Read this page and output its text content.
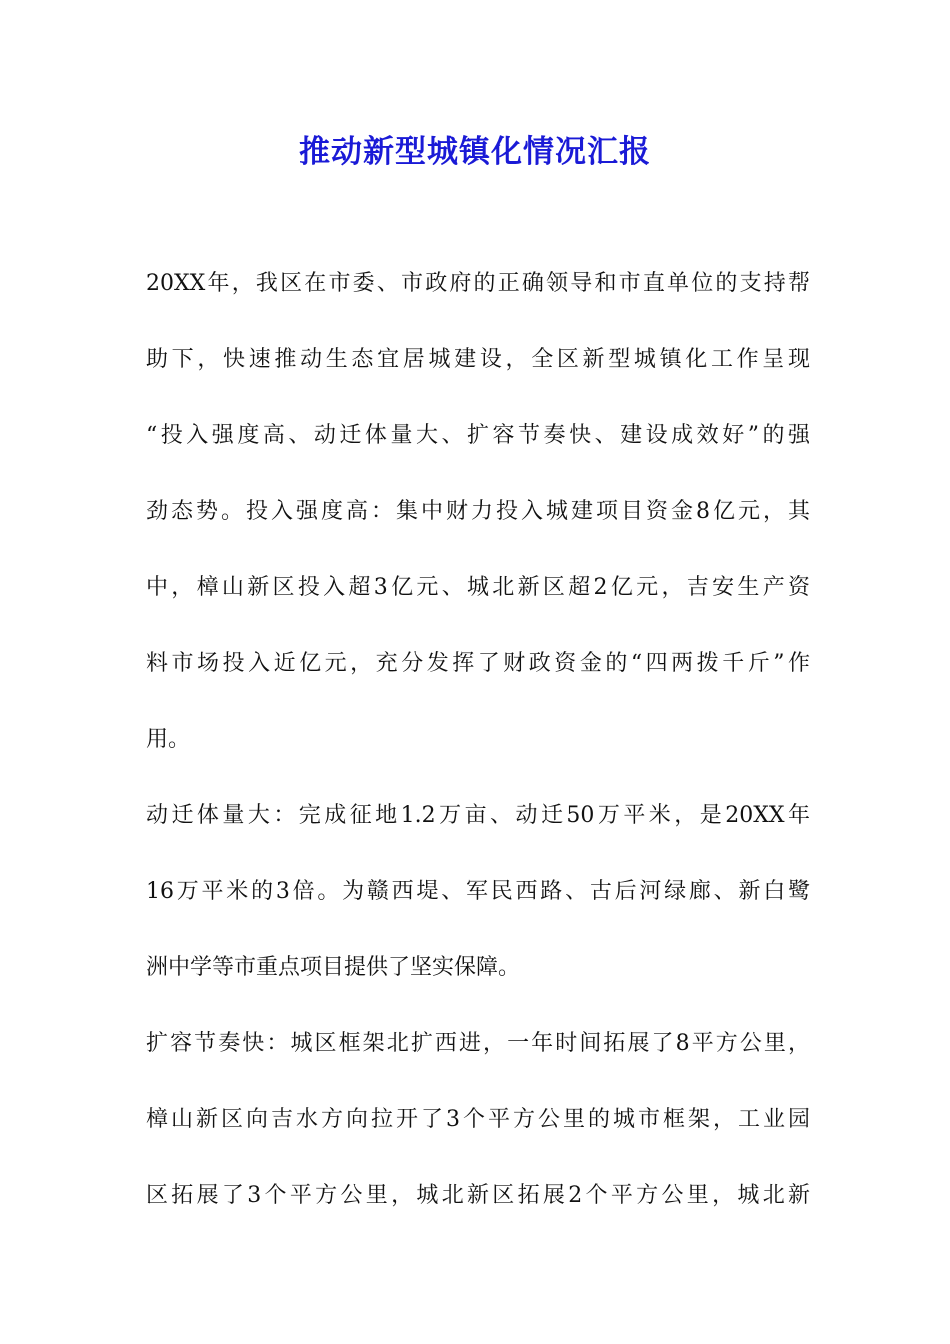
推动新型城镇化情况汇报
20XX年，我区在市委、市政府的正确领导和市直单位的支持帮
助下，快速推动生态宜居城建设，全区新型城镇化工作呈现
“投入强度高、动迁体量大、扩容节奏快、建设成效好”的强
劲态势。投入强度高：集中财力投入城建项目资金8亿元，其
中，樟山新区投入超3亿元、城北新区超2亿元，吉安生产资
料市场投入近亿元，充分发挥了财政资金的“四两拨千斤”作
用。
动迁体量大：完成征地1.2万亩、动迁50万平米，是20XX年
16万平米的3倍。为赣西堤、军民西路、古后河绿廊、新白鹭
洲中学等市重点项目提供了坚实保障。
扩容节奏快：城区框架北扩西进，一年时间拓展了8平方公里，
樟山新区向吉水方向拉开了3个平方公里的城市框架，工业园
区拓展了3个平方公里，城北新区拓展2个平方公里，城北新
